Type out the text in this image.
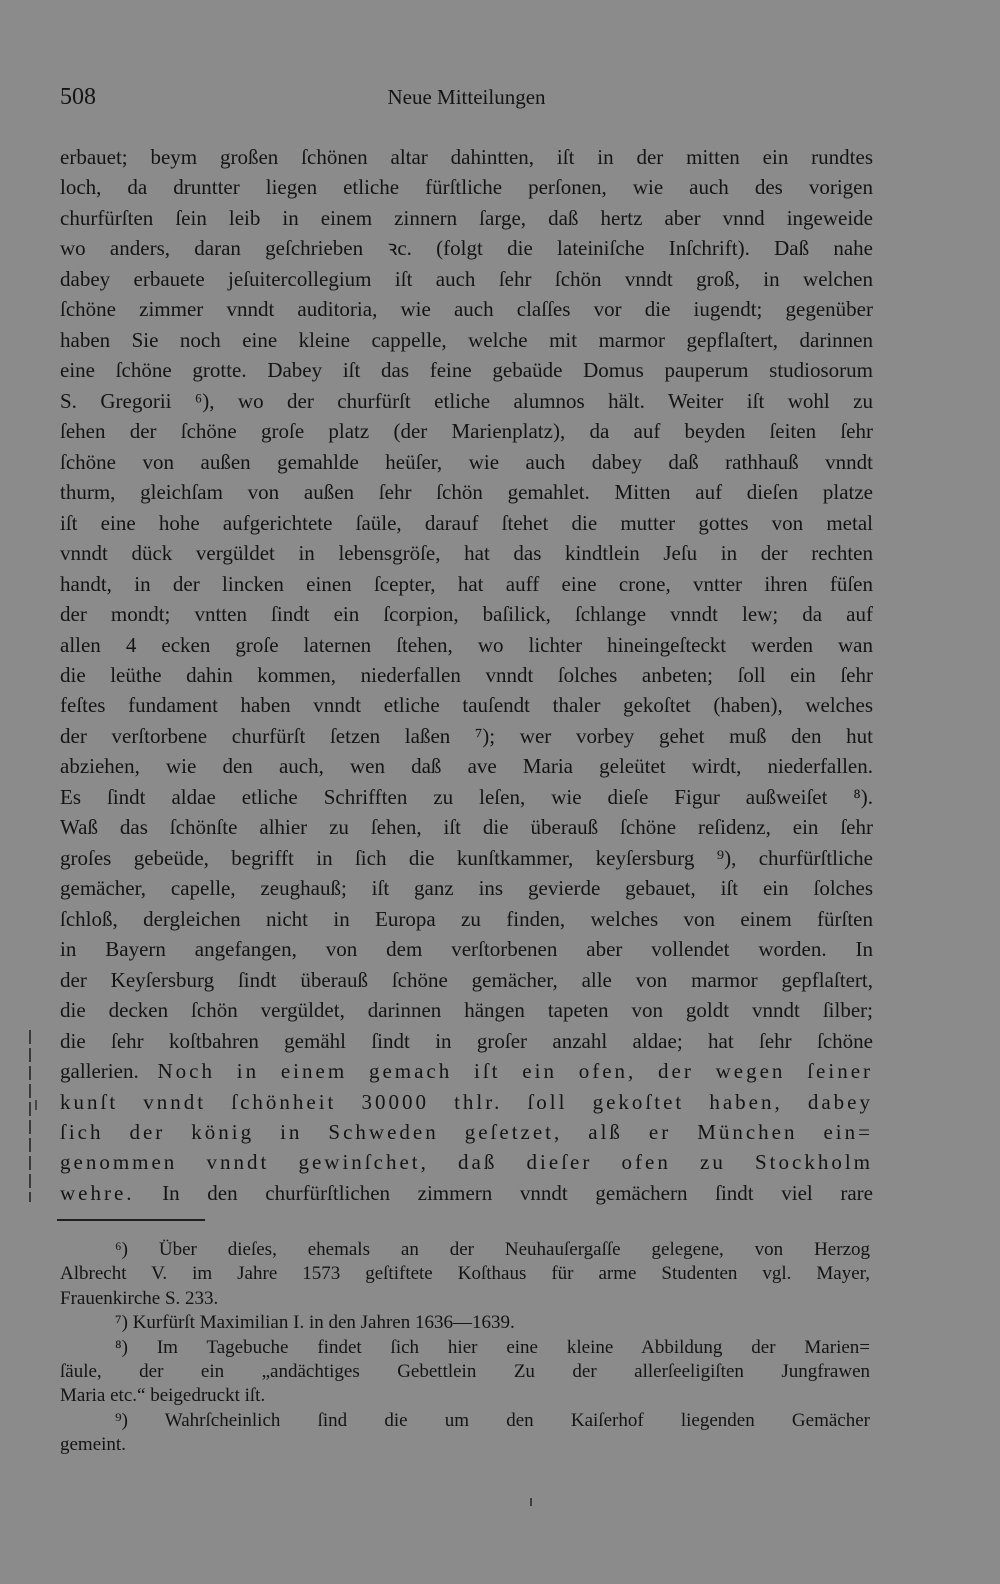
508	Neue Mitteilungen
erbauet; beym großen ſchönen altar dahintten, iſt in der mitten ein rundtes
loch, da druntter liegen etliche fürſtliche perſonen, wie auch des vorigen
churfürſten ſein leib in einem zinnern ſarge, daß hertz aber vnnd ingeweide
wo anders, daran geſchrieben ꝛc. (folgt die lateiniſche Inſchrift). Daß nahe
dabey erbauete jeſuitercollegium iſt auch ſehr ſchön vnndt groß, in welchen
ſchöne zimmer vnndt auditoria, wie auch claſſes vor die iugendt; gegenüber
haben Sie noch eine kleine cappelle, welche mit marmor gepflaſtert, darinnen
eine ſchöne grotte. Dabey iſt das feine gebaüde Domus pauperum studiosorum
S. Gregorii ⁶), wo der churfürſt etliche alumnos hält. Weiter iſt wohl zu
ſehen der ſchöne groſe platz (der Marienplatz), da auf beyden ſeiten ſehr
ſchöne von außen gemahlde heüſer, wie auch dabey daß rathhauß vnndt
thurm, gleichſam von außen ſehr ſchön gemahlet. Mitten auf dieſen platze
iſt eine hohe aufgerichtete ſaüle, darauf ſtehet die mutter gottes von metal
vnndt dück vergüldet in lebensgröſe, hat das kindtlein Jeſu in der rechten
handt, in der lincken einen ſcepter, hat auff eine crone, vntter ihren füſen
der mondt; vntten ſindt ein ſcorpion, baſilick, ſchlange vnndt lew; da auf
allen 4 ecken groſe laternen ſtehen, wo lichter hineingeſteckt werden wan
die leüthe dahin kommen, niederfallen vnndt ſolches anbeten; ſoll ein ſehr
feſtes fundament haben vnndt etliche tauſendt thaler gekoſtet (haben), welches
der verſtorbene churfürſt ſetzen laßen ⁷); wer vorbey gehet muß den hut
abziehen, wie den auch, wen daß ave Maria geleütet wirdt, niederfallen.
Es ſindt aldae etliche Schrifften zu leſen, wie dieſe Figur außweiſet ⁸).
Waß das ſchönſte alhier zu ſehen, iſt die überauß ſchöne reſidenz, ein ſehr
groſes gebeüde, begrifft in ſich die kunſtkammer, keyſersburg ⁹), churfürſtliche
gemächer, capelle, zeughauß; iſt ganz ins gevierde gebauet, iſt ein ſolches
ſchloß, dergleichen nicht in Europa zu finden, welches von einem fürſten
in Bayern angefangen, von dem verſtorbenen aber vollendet worden. In
der Keyſersburg ſindt überauß ſchöne gemächer, alle von marmor gepflaſtert,
die decken ſchön vergüldet, darinnen hängen tapeten von goldt vnndt ſilber;
die ſehr koſtbahren gemähl ſindt in groſer anzahl aldae; hat ſehr ſchöne
gallerien. Noch in einem gemach iſt ein ofen, der wegen ſeiner
kunſt vnndt ſchönheit 30000 thlr. ſoll gekoſtet haben, dabey
ſich der könig in Schweden geſetzet, alß er München ein=
genommen vnndt gewinſchet, daß dieſer ofen zu Stockholm
wehre. In den churfürſtlichen zimmern vnndt gemächern ſindt viel rare
⁶) Über dieſes, ehemals an der Neuhauſergaſſe gelegene, von Herzog
Albrecht V. im Jahre 1573 geſtiftete Koſthaus für arme Studenten vgl. Mayer,
Frauenkirche S. 233.
⁷) Kurfürſt Maximilian I. in den Jahren 1636—1639.
⁸) Im Tagebuche findet ſich hier eine kleine Abbildung der Marien=
ſäule, der ein „andächtiges Gebettlein Zu der allerſeeligiſten Jungfrawen
Maria etc.“ beigedruckt iſt.
⁹) Wahrſcheinlich ſind die um den Kaiſerhof liegenden Gemächer
gemeint.
